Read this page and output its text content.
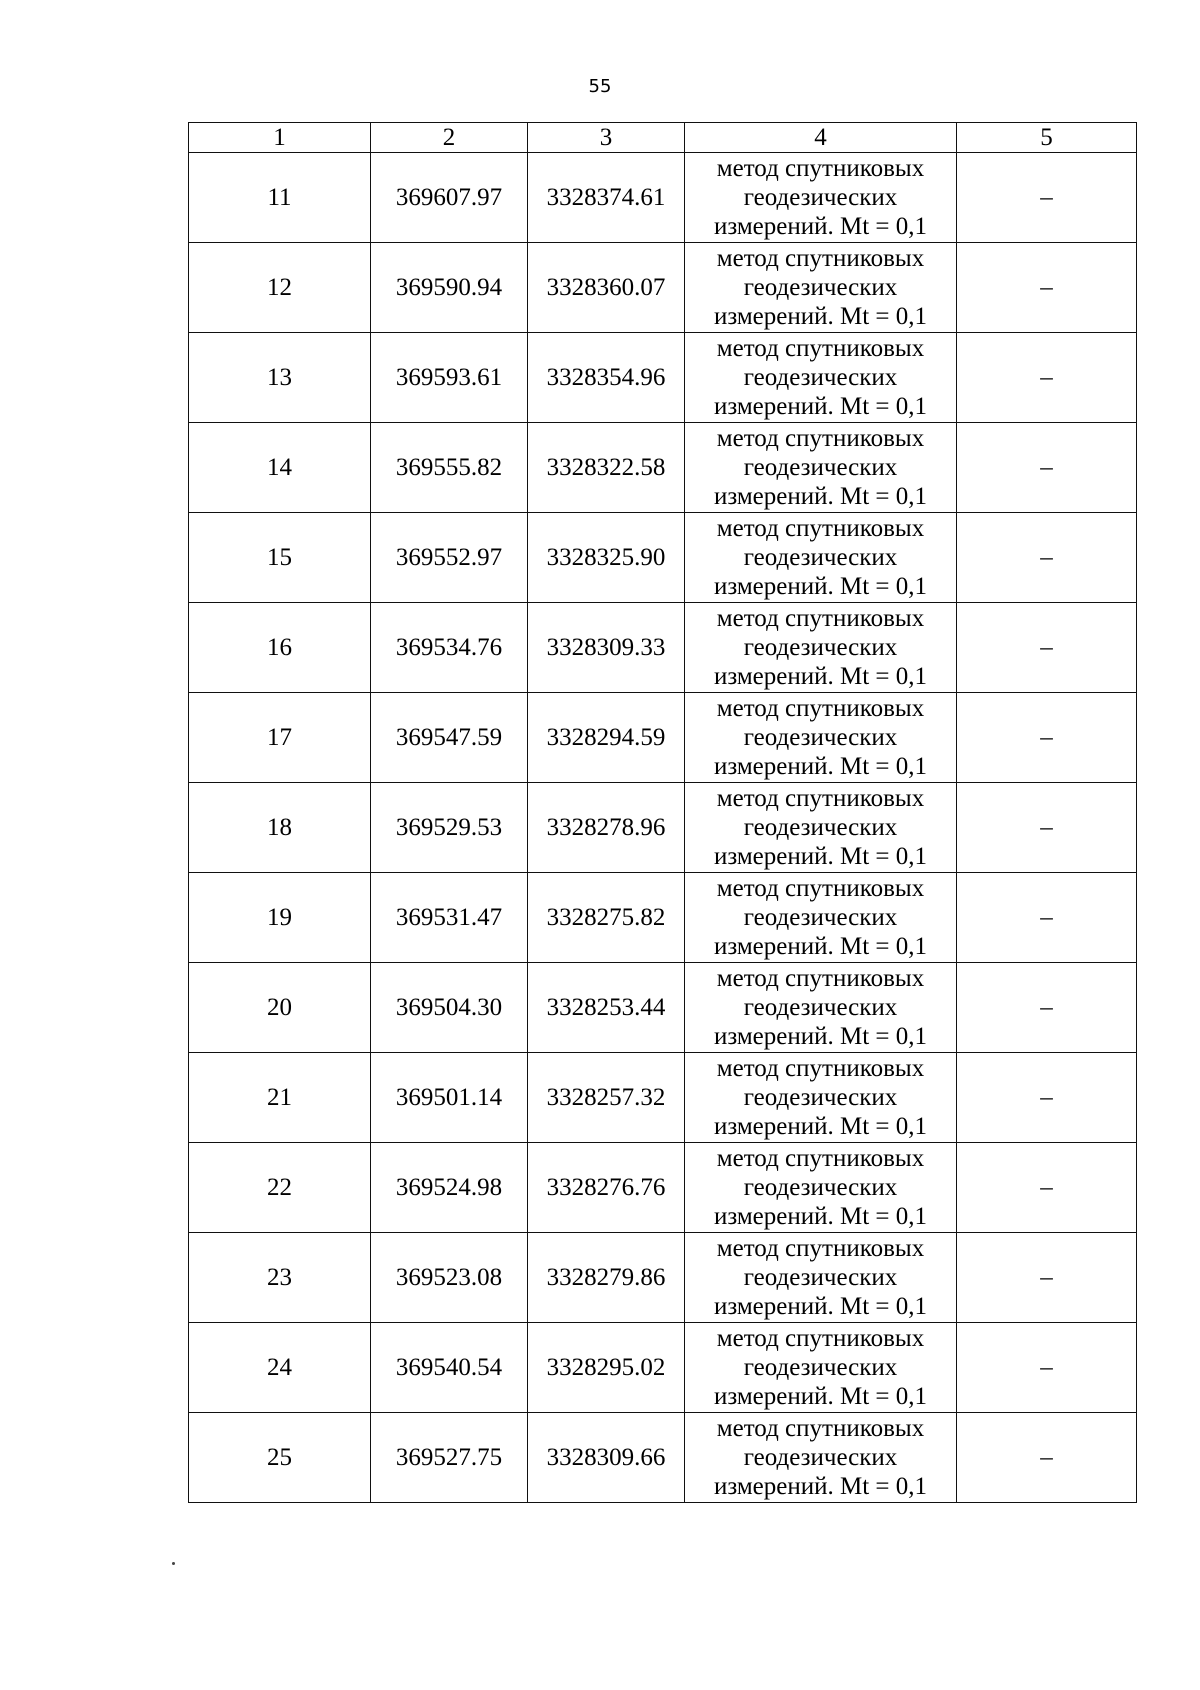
55
1	2	3	4	5
11	369607.97	3328374.61	метод спутниковых
геодезических
измерений. Mt = 0,1	–
12	369590.94	3328360.07	метод спутниковых
геодезических
измерений. Mt = 0,1	–
13	369593.61	3328354.96	метод спутниковых
геодезических
измерений. Mt = 0,1	–
14	369555.82	3328322.58	метод спутниковых
геодезических
измерений. Mt = 0,1	–
15	369552.97	3328325.90	метод спутниковых
геодезических
измерений. Mt = 0,1	–
16	369534.76	3328309.33	метод спутниковых
геодезических
измерений. Mt = 0,1	–
17	369547.59	3328294.59	метод спутниковых
геодезических
измерений. Mt = 0,1	–
18	369529.53	3328278.96	метод спутниковых
геодезических
измерений. Mt = 0,1	–
19	369531.47	3328275.82	метод спутниковых
геодезических
измерений. Mt = 0,1	–
20	369504.30	3328253.44	метод спутниковых
геодезических
измерений. Mt = 0,1	–
21	369501.14	3328257.32	метод спутниковых
геодезических
измерений. Mt = 0,1	–
22	369524.98	3328276.76	метод спутниковых
геодезических
измерений. Mt = 0,1	–
23	369523.08	3328279.86	метод спутниковых
геодезических
измерений. Mt = 0,1	–
24	369540.54	3328295.02	метод спутниковых
геодезических
измерений. Mt = 0,1	–
25	369527.75	3328309.66	метод спутниковых
геодезических
измерений. Mt = 0,1	–
